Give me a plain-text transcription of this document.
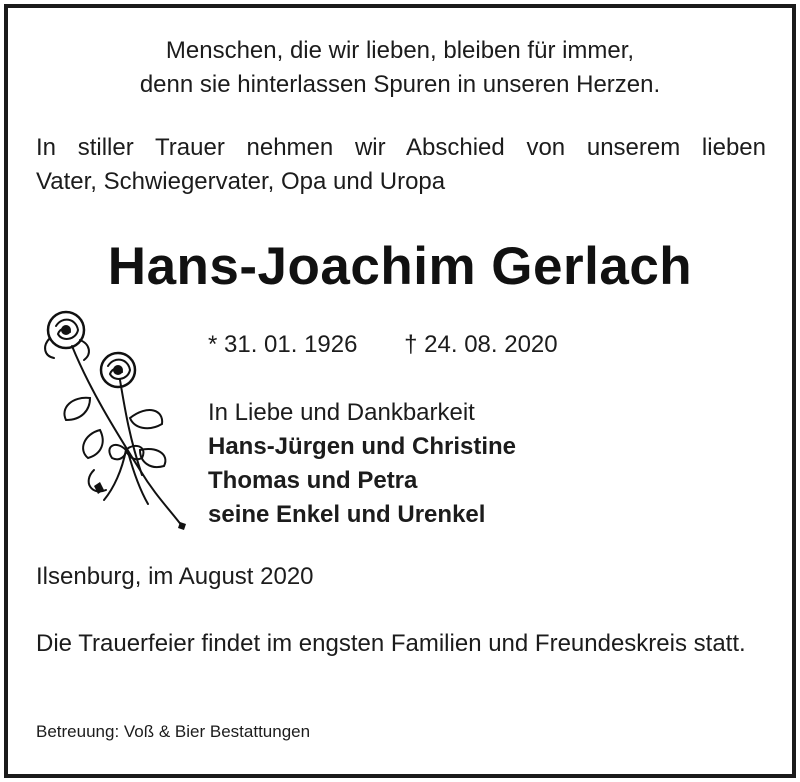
Menschen, die wir lieben, bleiben für immer,
denn sie hinterlassen Spuren in unseren Herzen.
In stiller Trauer nehmen wir Abschied von unserem lieben
Vater, Schwiegervater, Opa und Uropa
Hans-Joachim Gerlach
* 31. 01. 1926 † 24. 08. 2020
In Liebe und Dankbarkeit
Hans-Jürgen und Christine
Thomas und Petra
seine Enkel und Urenkel
Ilsenburg, im August 2020
Die Trauerfeier findet im engsten Familien und Freundeskreis statt.
Betreuung: Voß & Bier Bestattungen
